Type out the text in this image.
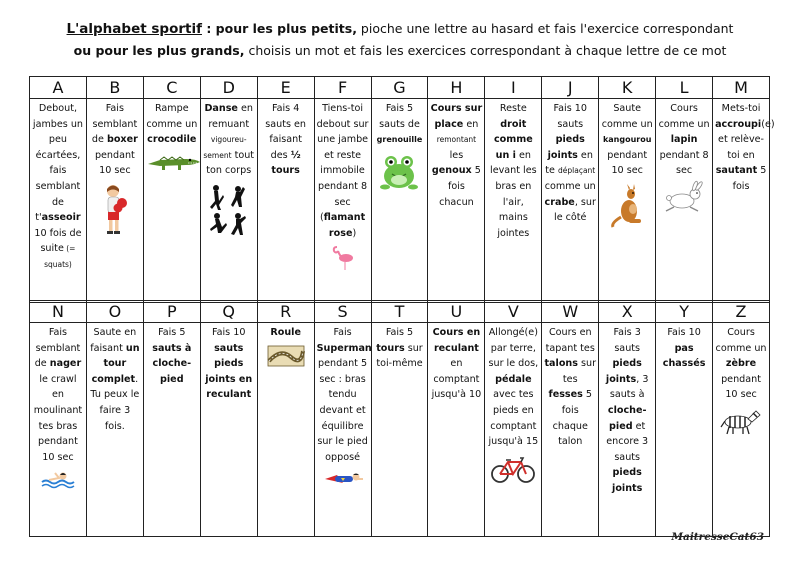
L'alphabet sportif : pour les plus petits, pioche une lettre au hasard et fais l'exercice correspondant
ou pour les plus grands, choisis un mot et fais les exercices correspondant à chaque lettre de ce mot
A	B	C	D	E	F	G	H	I	J	K	L	M
Debout, jambes un peu écartées, fais semblant de t'asseoir 10 fois de suite (= squats)	Fais semblant de boxer pendant 10 sec	Rampe comme un crocodile	Danse en remuant vigoureu-sement tout ton corps	Fais 4 sauts en faisant des ½ tours	Tiens-toi debout sur une jambe et reste immobile pendant 8 sec (flamant rose)	Fais 5 sauts de grenouille	Cours sur place en remontant les genoux 5 fois chacun	Reste droit comme un i en levant les bras en l'air, mains jointes	Fais 10 sauts pieds joints en te déplaçant comme un crabe, sur le côté	Saute comme un kangourou pendant 10 sec	Cours comme un lapin pendant 8 sec	Mets-toi accroupi(e) et relève-toi en sautant 5 fois
N	O	P	Q	R	S	T	U	V	W	X	Y	Z
Fais semblant de nager le crawl en moulinant tes bras pendant 10 sec	Saute en faisant un tour complet. Tu peux le faire 3 fois.	Fais 5 sauts à cloche-pied	Fais 10 sauts pieds joints en reculant	Roule	Fais Superman pendant 5 sec : bras tendu devant et équilibre sur le pied opposé	Fais 5 tours sur toi-même	Cours en reculant en comptant jusqu'à 10	Allongé(e) par terre, sur le dos, pédale avec tes pieds en comptant jusqu'à 15	Cours en tapant tes talons sur tes fesses 5 fois chaque talon	Fais 3 sauts pieds joints, 3 sauts à cloche-pied et encore 3 sauts pieds joints	Fais 10 pas chassés	Cours comme un zèbre pendant 10 sec
MaitresseCat63
